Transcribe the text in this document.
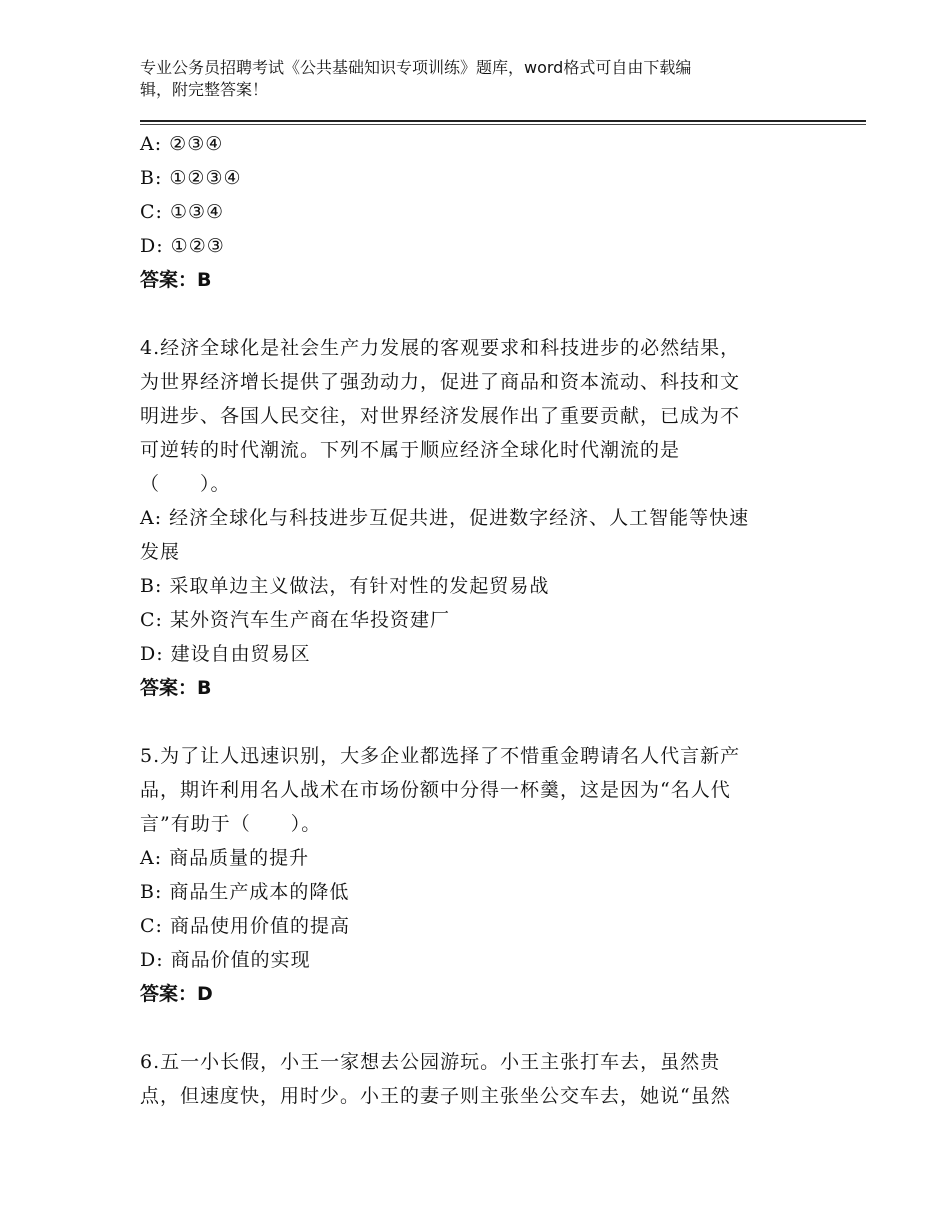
专业公务员招聘考试《公共基础知识专项训练》题库，word格式可自由下载编
辑，附完整答案！
A: ②③④
B: ①②③④
C: ①③④
D: ①②③
答案：B
4.经济全球化是社会生产力发展的客观要求和科技进步的必然结果，
为世界经济增长提供了强劲动力，促进了商品和资本流动、科技和文
明进步、各国人民交往，对世界经济发展作出了重要贡献，已成为不
可逆转的时代潮流。下列不属于顺应经济全球化时代潮流的是
（　　）。
A: 经济全球化与科技进步互促共进，促进数字经济、人工智能等快速
发展
B: 采取单边主义做法，有针对性的发起贸易战
C: 某外资汽车生产商在华投资建厂
D: 建设自由贸易区
答案：B
5.为了让人迅速识别，大多企业都选择了不惜重金聘请名人代言新产
品，期许利用名人战术在市场份额中分得一杯羹，这是因为“名人代
言”有助于（　　）。
A: 商品质量的提升
B: 商品生产成本的降低
C: 商品使用价值的提高
D: 商品价值的实现
答案：D
6.五一小长假，小王一家想去公园游玩。小王主张打车去，虽然贵
点，但速度快，用时少。小王的妻子则主张坐公交车去，她说“虽然
